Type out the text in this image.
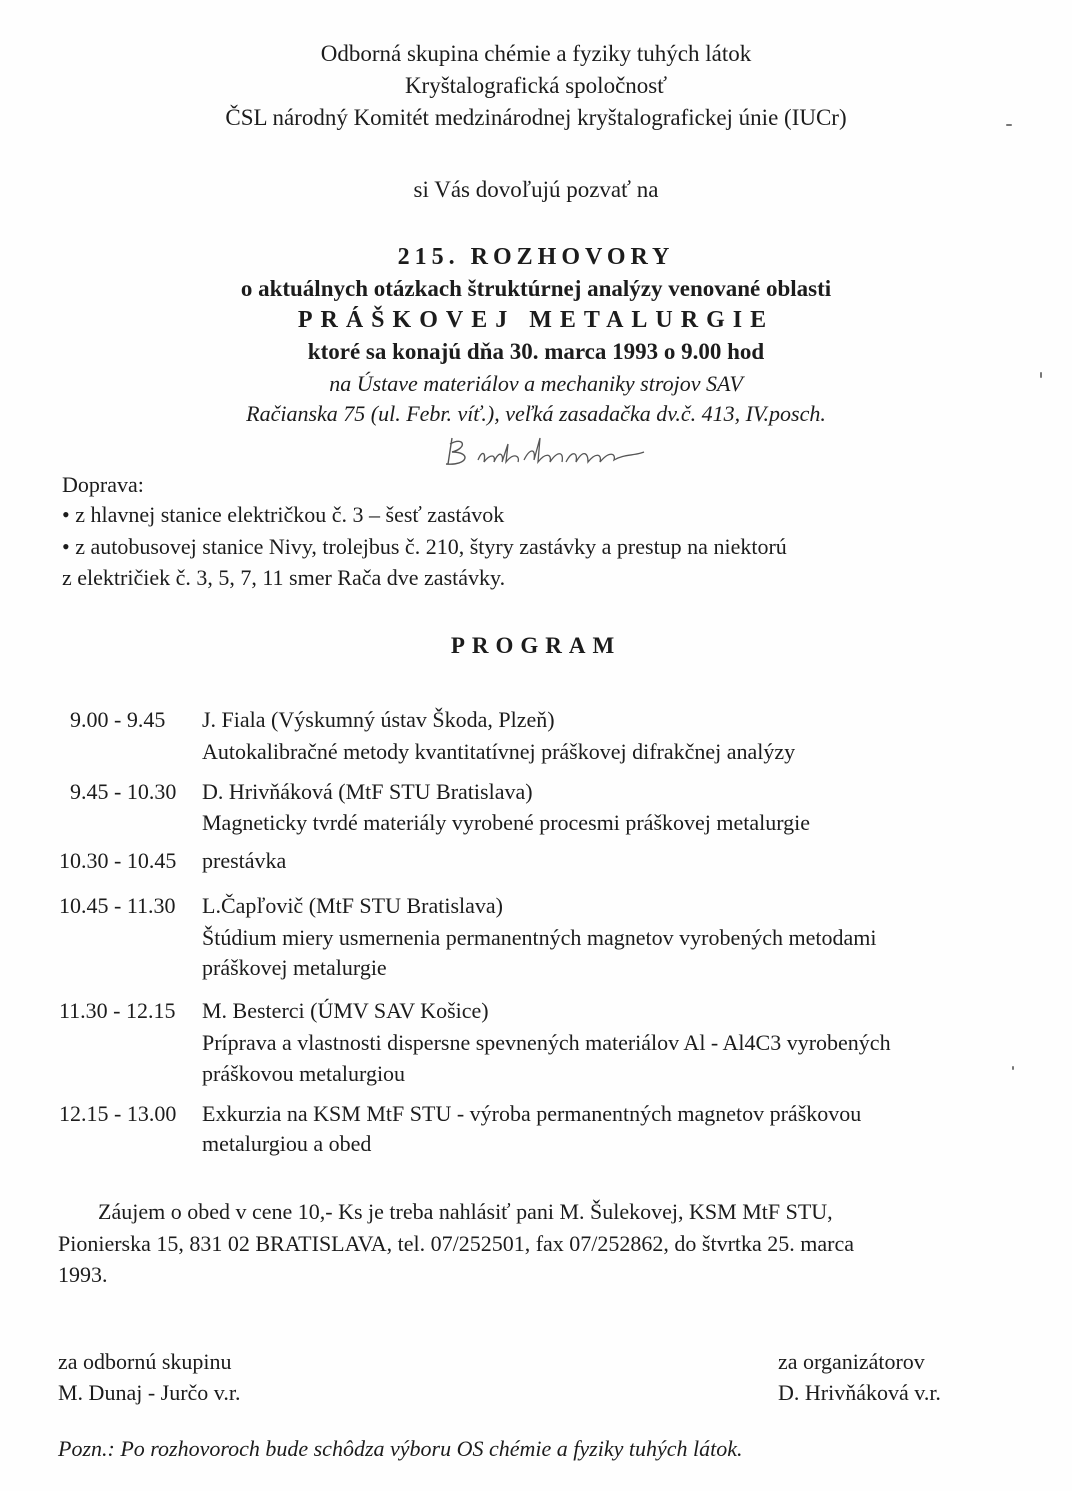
Odborná skupina chémie a fyziky tuhých látok
Kryštalografická spoločnosť
ČSL národný Komitét medzinárodnej kryštalografickej únie (IUCr)
si Vás dovoľujú pozvať na
215. ROZHOVORY
o aktuálnych otázkach štruktúrnej analýzy venované oblasti
PRÁŠKOVEJ METALURGIE
ktoré sa konajú dňa 30. marca 1993 o 9.00 hod
na Ústave materiálov a mechaniky strojov SAV
Račianska 75 (ul. Febr. víť.), veľká zasadačka dv.č. 413, IV.posch.
Doprava:
• z hlavnej stanice električkou č. 3 – šesť zastávok
• z autobusovej stanice Nivy, trolejbus č. 210, štyry zastávky a prestup na niektorú
z električiek č. 3, 5, 7, 11 smer Rača dve zastávky.
PROGRAM
9.00 - 9.45 J. Fiala (Výskumný ústav Škoda, Plzeň)
Autokalibračné metody kvantitatívnej práškovej difrakčnej analýzy
9.45 - 10.30 D. Hrivňáková (MtF STU Bratislava)
Magneticky tvrdé materiály vyrobené procesmi práškovej metalurgie
10.30 - 10.45 prestávka
10.45 - 11.30 L.Čapľovič (MtF STU Bratislava)
Štúdium miery usmernenia permanentných magnetov vyrobených metodami
práškovej metalurgie
11.30 - 12.15 M. Besterci (ÚMV SAV Košice)
Príprava a vlastnosti dispersne spevnených materiálov Al - Al4C3 vyrobených
práškovou metalurgiou
12.15 - 13.00 Exkurzia na KSM MtF STU - výroba permanentných magnetov práškovou
metalurgiou a obed
Záujem o obed v cene 10,- Ks je treba nahlásiť pani M. Šulekovej, KSM MtF STU,
Pionierska 15, 831 02 BRATISLAVA, tel. 07/252501, fax 07/252862, do štvrtka 25. marca
1993.
za odbornú skupinu
M. Dunaj - Jurčo v.r.
za organizátorov
D. Hrivňáková v.r.
Pozn.: Po rozhovoroch bude schôdza výboru OS chémie a fyziky tuhých látok.
